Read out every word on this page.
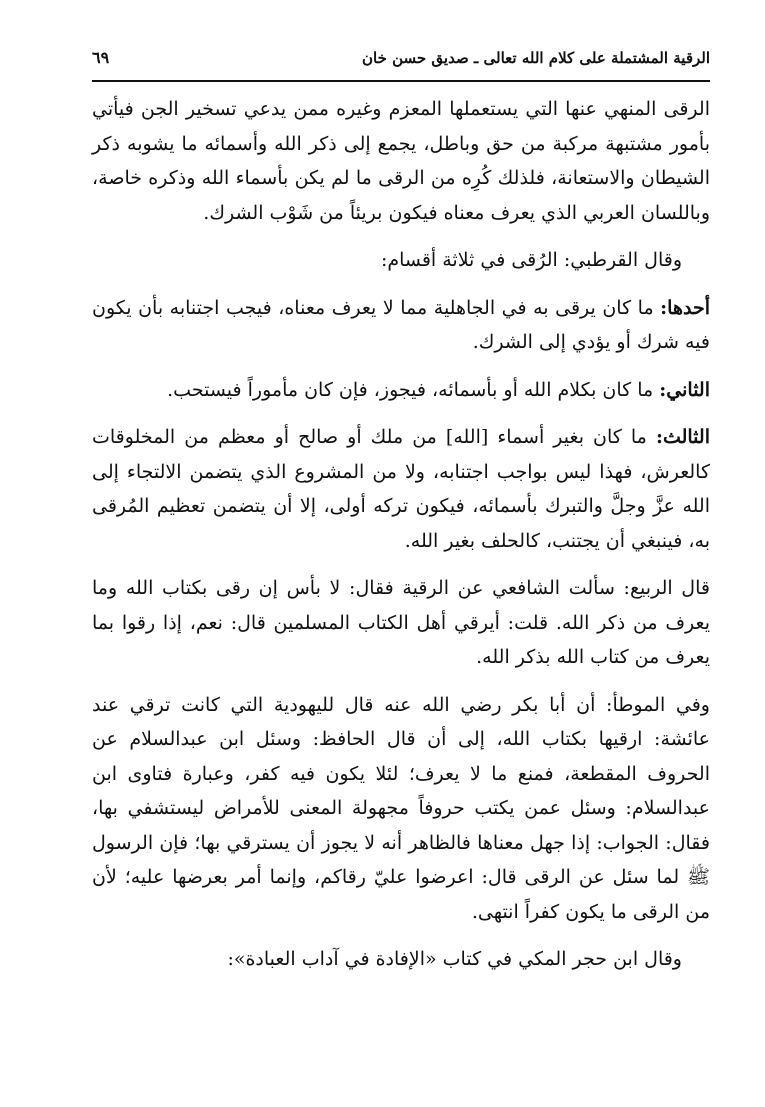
الرقية المشتملة على كلام الله تعالى ـ صديق حسن خان
٦٩

الرقى المنهي عنها التي يستعملها المعزم وغيره ممن يدعي تسخير الجن فيأتي بأمور مشتبهة مركبة من حق وباطل، يجمع إلى ذكر الله وأسمائه ما يشوبه ذكر الشيطان والاستعانة، فلذلك كُرِه من الرقى ما لم يكن بأسماء الله وذكره خاصة، وباللسان العربي الذي يعرف معناه فيكون بريئاً من شَوْب الشرك.

وقال القرطبي: الرُقى في ثلاثة أقسام:

أحدها: ما كان يرقى به في الجاهلية مما لا يعرف معناه، فيجب اجتنابه بأن يكون فيه شرك أو يؤدي إلى الشرك.

الثاني: ما كان بكلام الله أو بأسمائه، فيجوز، فإن كان مأموراً فيستحب.

الثالث: ما كان بغير أسماء [الله] من ملك أو صالح أو معظم من المخلوقات كالعرش، فهذا ليس بواجب اجتنابه، ولا من المشروع الذي يتضمن الالتجاء إلى الله عزَّ وجلَّ والتبرك بأسمائه، فيكون تركه أولى، إلا أن يتضمن تعظيم المُرقى به، فينبغي أن يجتنب، كالحلف بغير الله.

قال الربيع: سألت الشافعي عن الرقية فقال: لا بأس إن رقى بكتاب الله وما يعرف من ذكر الله. قلت: أيرقي أهل الكتاب المسلمين قال: نعم، إذا رقوا بما يعرف من كتاب الله بذكر الله.

وفي الموطأ: أن أبا بكر رضي الله عنه قال لليهودية التي كانت ترقي عند عائشة: ارقيها بكتاب الله، إلى أن قال الحافظ: وسئل ابن عبدالسلام عن الحروف المقطعة، فمنع ما لا يعرف؛ لئلا يكون فيه كفر، وعبارة فتاوى ابن عبدالسلام: وسئل عمن يكتب حروفاً مجهولة المعنى للأمراض ليستشفي بها، فقال: الجواب: إذا جهل معناها فالظاهر أنه لا يجوز أن يسترقي بها؛ فإن الرسول ﷺ لما سئل عن الرقى قال: اعرضوا عليّ رقاكم، وإنما أمر بعرضها عليه؛ لأن من الرقى ما يكون كفراً انتهى.

وقال ابن حجر المكي في كتاب «الإفادة في آداب العبادة»:
